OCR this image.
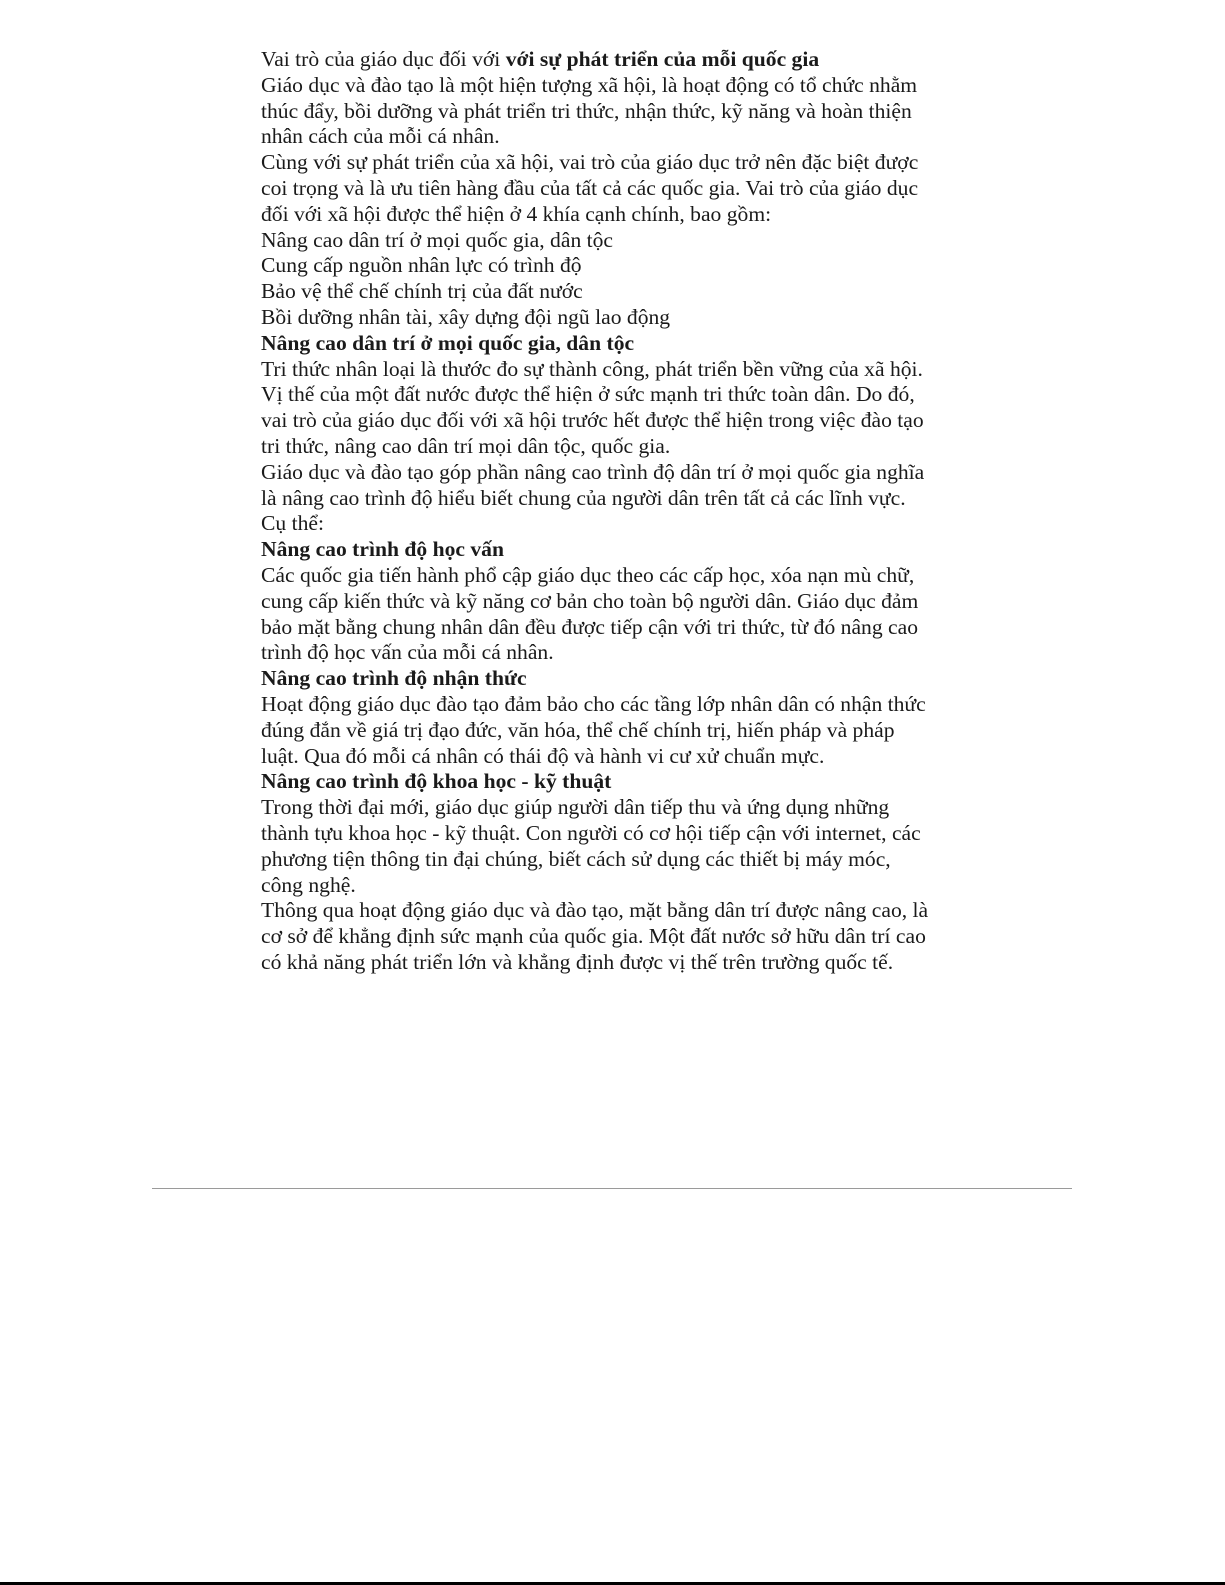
Vai trò của giáo dục đối với với sự phát triển của mỗi quốc gia
Giáo dục và đào tạo là một hiện tượng xã hội, là hoạt động có tổ chức nhằm
thúc đẩy, bồi dưỡng và phát triển tri thức, nhận thức, kỹ năng và hoàn thiện
nhân cách của mỗi cá nhân.
Cùng với sự phát triển của xã hội, vai trò của giáo dục trở nên đặc biệt được
coi trọng và là ưu tiên hàng đầu của tất cả các quốc gia. Vai trò của giáo dục
đối với xã hội được thể hiện ở 4 khía cạnh chính, bao gồm:
Nâng cao dân trí ở mọi quốc gia, dân tộc
Cung cấp nguồn nhân lực có trình độ
Bảo vệ thể chế chính trị của đất nước
Bồi dưỡng nhân tài, xây dựng đội ngũ lao động
Nâng cao dân trí ở mọi quốc gia, dân tộc
Tri thức nhân loại là thước đo sự thành công, phát triển bền vững của xã hội.
Vị thế của một đất nước được thể hiện ở sức mạnh tri thức toàn dân. Do đó,
vai trò của giáo dục đối với xã hội trước hết được thể hiện trong việc đào tạo
tri thức, nâng cao dân trí mọi dân tộc, quốc gia.
Giáo dục và đào tạo góp phần nâng cao trình độ dân trí ở mọi quốc gia nghĩa
là nâng cao trình độ hiểu biết chung của người dân trên tất cả các lĩnh vực.
Cụ thể:
Nâng cao trình độ học vấn
Các quốc gia tiến hành phổ cập giáo dục theo các cấp học, xóa nạn mù chữ,
cung cấp kiến thức và kỹ năng cơ bản cho toàn bộ người dân. Giáo dục đảm
bảo mặt bằng chung nhân dân đều được tiếp cận với tri thức, từ đó nâng cao
trình độ học vấn của mỗi cá nhân.
Nâng cao trình độ nhận thức
Hoạt động giáo dục đào tạo đảm bảo cho các tầng lớp nhân dân có nhận thức
đúng đắn về giá trị đạo đức, văn hóa, thể chế chính trị, hiến pháp và pháp
luật. Qua đó mỗi cá nhân có thái độ và hành vi cư xử chuẩn mực.
Nâng cao trình độ khoa học - kỹ thuật
Trong thời đại mới, giáo dục giúp người dân tiếp thu và ứng dụng những
thành tựu khoa học - kỹ thuật. Con người có cơ hội tiếp cận với internet, các
phương tiện thông tin đại chúng, biết cách sử dụng các thiết bị máy móc,
công nghệ.
Thông qua hoạt động giáo dục và đào tạo, mặt bằng dân trí được nâng cao, là
cơ sở để khẳng định sức mạnh của quốc gia. Một đất nước sở hữu dân trí cao
có khả năng phát triển lớn và khẳng định được vị thế trên trường quốc tế.
